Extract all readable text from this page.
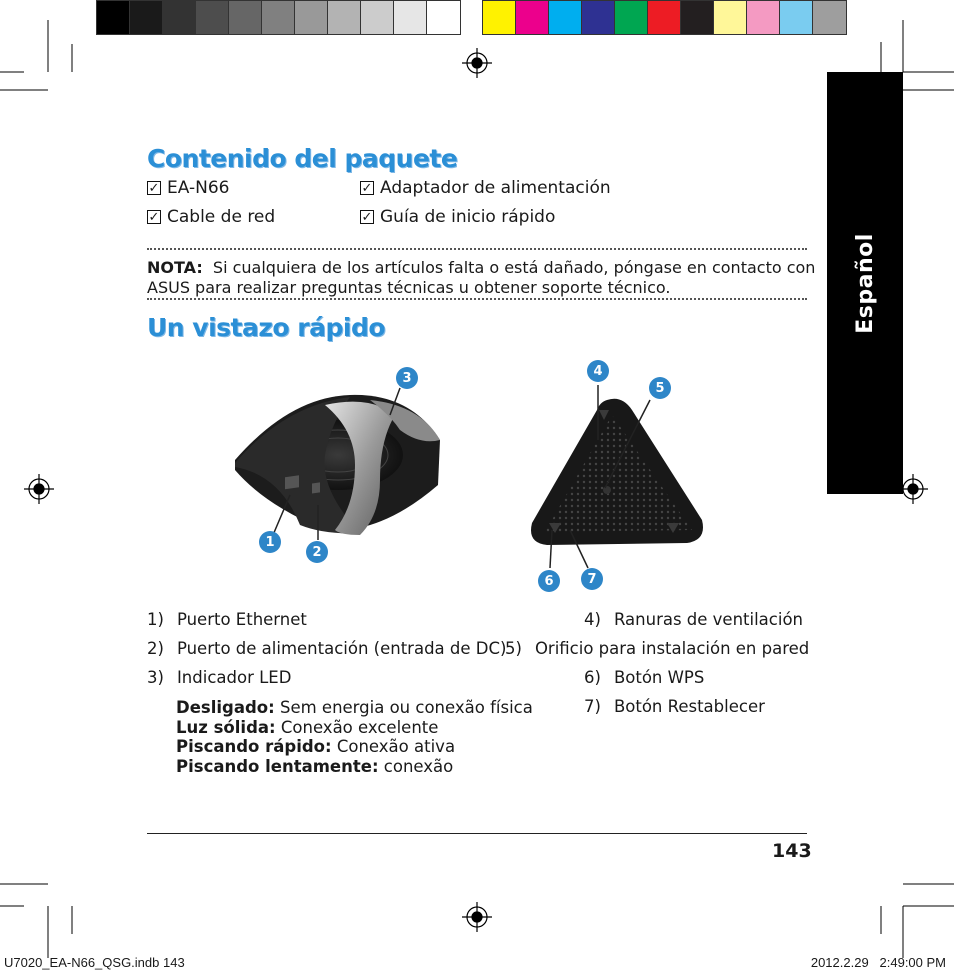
Español
Contenido del paquete
✓ EA-N66	✓ Adaptador de alimentación
✓ Cable de red	✓ Guía de inicio rápido
NOTA: Si cualquiera de los artículos falta o está dañado, póngase en contacto con
ASUS para realizar preguntas técnicas u obtener soporte técnico.
Un vistazo rápido
3	4
5
1
2
6	7
1) Puerto Ethernet
2) Puerto de alimentación (entrada de DC)
3) Indicador LED
4) Ranuras de ventilación
5) Orificio para instalación en pared
6) Botón WPS
7) Botón Restablecer
Desligado: Sem energia ou conexão física
Luz sólida: Conexão excelente
Piscando rápido: Conexão ativa
Piscando lentamente: conexão
143
U7020_EA-N66_QSG.indb 143	2012.2.29   2:49:00 PM
